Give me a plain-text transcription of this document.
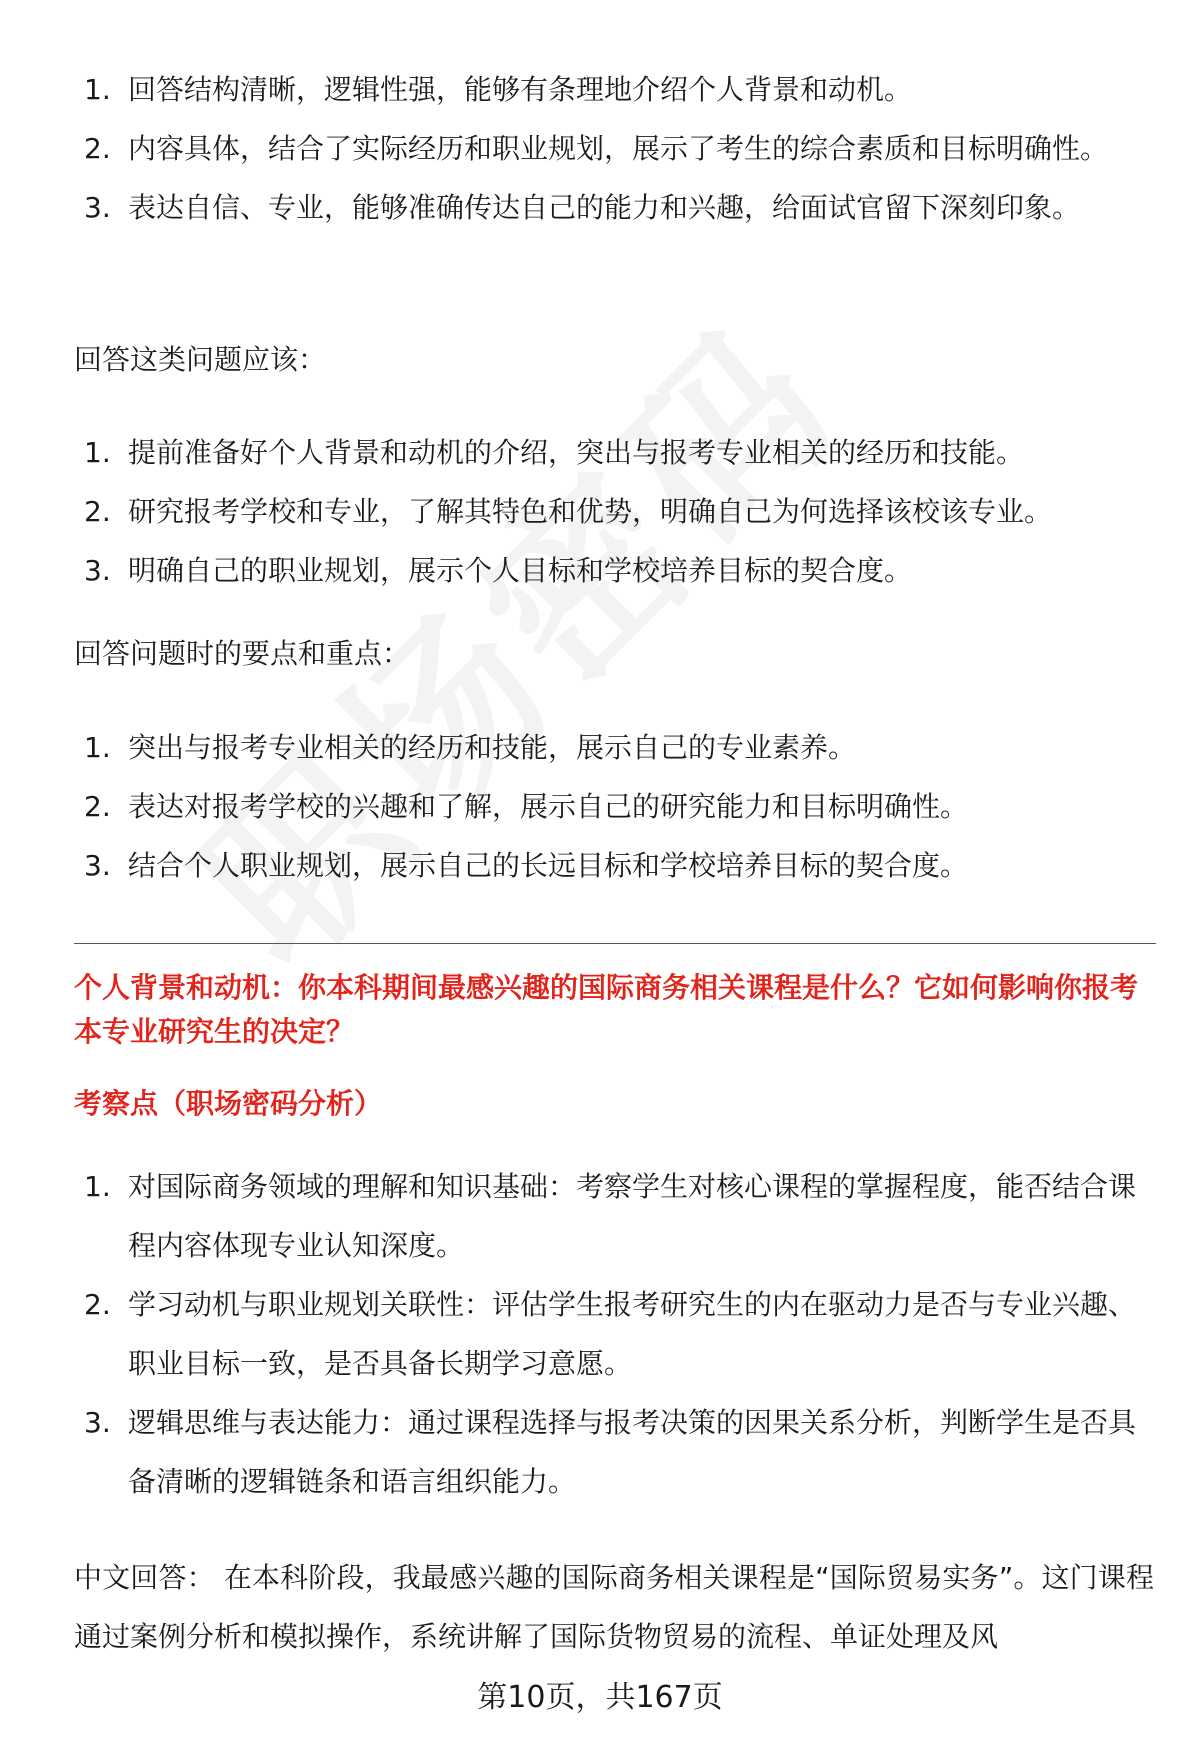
1. 回答结构清晰，逻辑性强，能够有条理地介绍个人背景和动机。
2. 内容具体，结合了实际经历和职业规划，展示了考生的综合素质和目标明确性。
3. 表达自信、专业，能够准确传达自己的能力和兴趣，给面试官留下深刻印象。
回答这类问题应该：
1. 提前准备好个人背景和动机的介绍，突出与报考专业相关的经历和技能。
2. 研究报考学校和专业，了解其特色和优势，明确自己为何选择该校该专业。
3. 明确自己的职业规划，展示个人目标和学校培养目标的契合度。
回答问题时的要点和重点：
1. 突出与报考专业相关的经历和技能，展示自己的专业素养。
2. 表达对报考学校的兴趣和了解，展示自己的研究能力和目标明确性。
3. 结合个人职业规划，展示自己的长远目标和学校培养目标的契合度。
个人背景和动机：你本科期间最感兴趣的国际商务相关课程是什么？它如何影响你报考本专业研究生的决定？
考察点（职场密码分析）
1. 对国际商务领域的理解和知识基础：考察学生对核心课程的掌握程度，能否结合课程内容体现专业认知深度。
2. 学习动机与职业规划关联性：评估学生报考研究生的内在驱动力是否与专业兴趣、职业目标一致，是否具备长期学习意愿。
3. 逻辑思维与表达能力：通过课程选择与报考决策的因果关系分析，判断学生是否具备清晰的逻辑链条和语言组织能力。
中文回答： 在本科阶段，我最感兴趣的国际商务相关课程是“国际贸易实务”。这门课程通过案例分析和模拟操作，系统讲解了国际货物贸易的流程、单证处理及风
第10页，共167页
